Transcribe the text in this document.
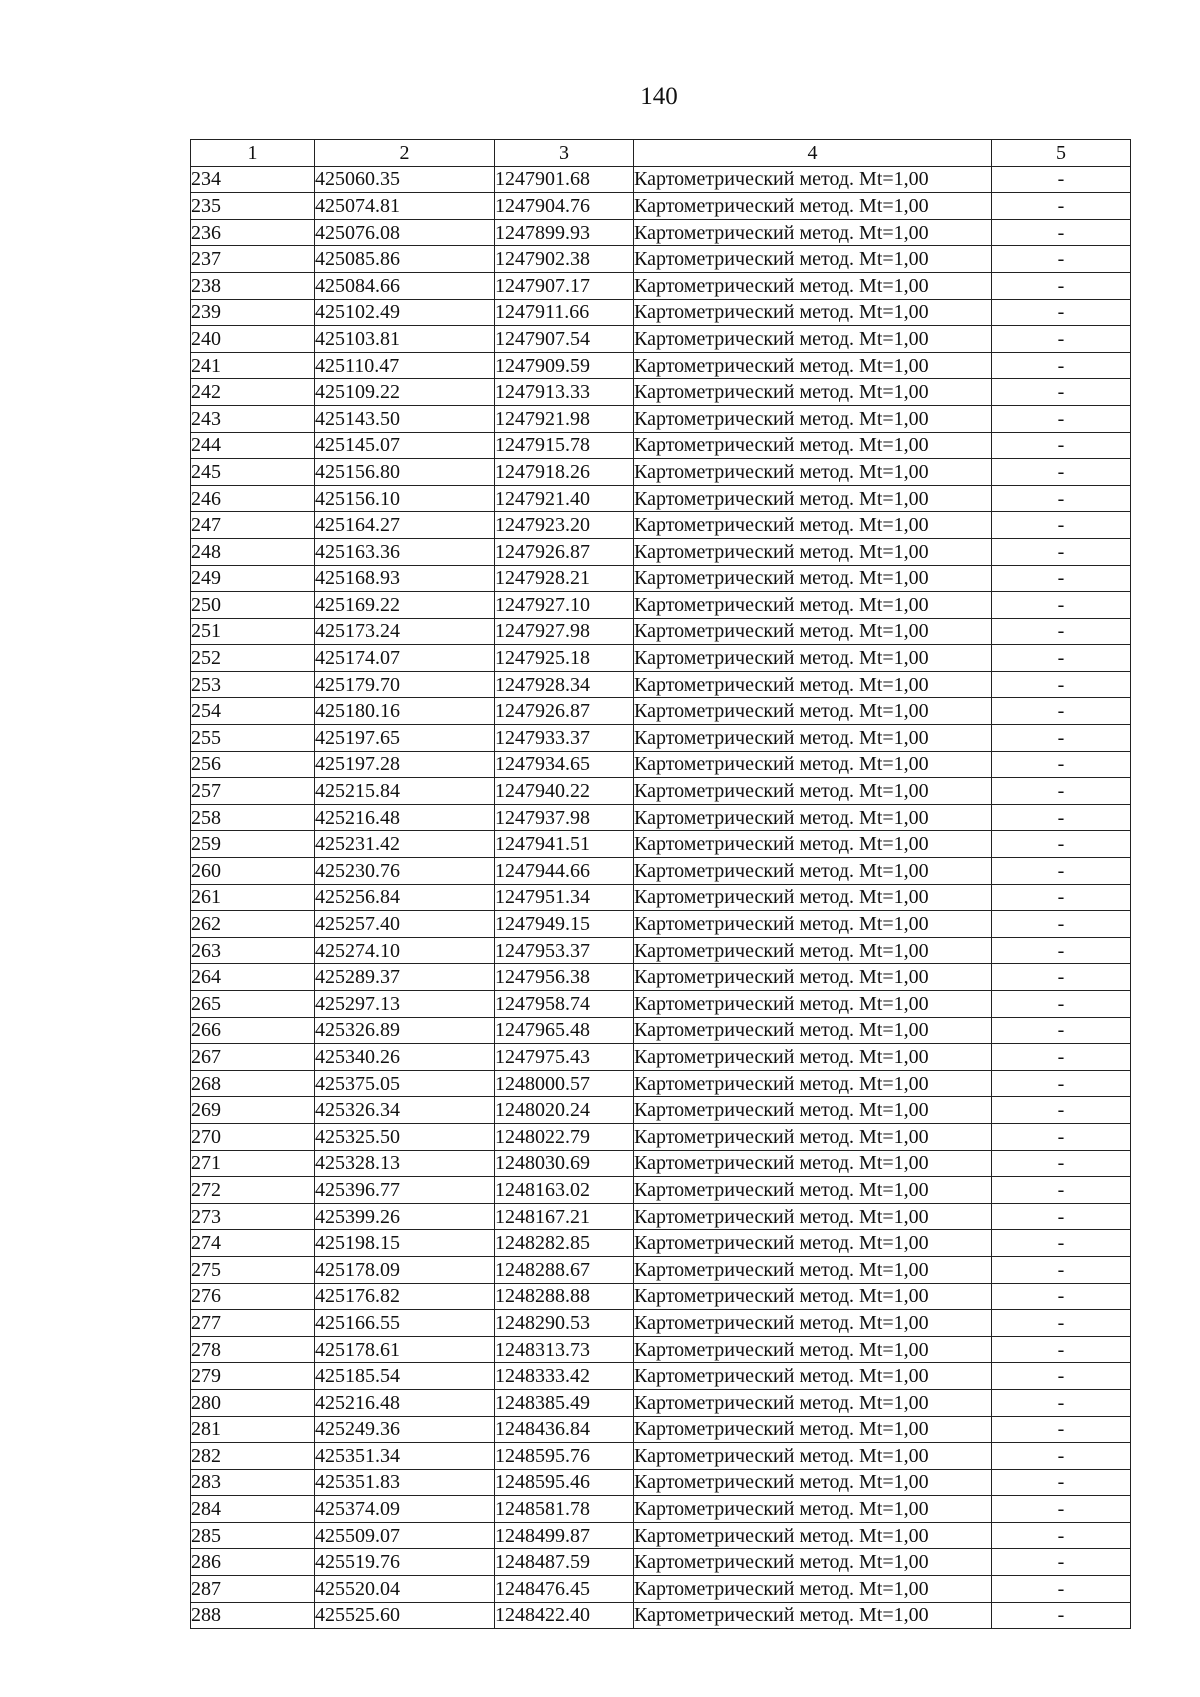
140
1	2	3	4	5
234	425060.35	1247901.68	Картометрический метод. Mt=1,00	-
235	425074.81	1247904.76	Картометрический метод. Mt=1,00	-
236	425076.08	1247899.93	Картометрический метод. Mt=1,00	-
237	425085.86	1247902.38	Картометрический метод. Mt=1,00	-
238	425084.66	1247907.17	Картометрический метод. Mt=1,00	-
239	425102.49	1247911.66	Картометрический метод. Mt=1,00	-
240	425103.81	1247907.54	Картометрический метод. Mt=1,00	-
241	425110.47	1247909.59	Картометрический метод. Mt=1,00	-
242	425109.22	1247913.33	Картометрический метод. Mt=1,00	-
243	425143.50	1247921.98	Картометрический метод. Mt=1,00	-
244	425145.07	1247915.78	Картометрический метод. Mt=1,00	-
245	425156.80	1247918.26	Картометрический метод. Mt=1,00	-
246	425156.10	1247921.40	Картометрический метод. Mt=1,00	-
247	425164.27	1247923.20	Картометрический метод. Mt=1,00	-
248	425163.36	1247926.87	Картометрический метод. Mt=1,00	-
249	425168.93	1247928.21	Картометрический метод. Mt=1,00	-
250	425169.22	1247927.10	Картометрический метод. Mt=1,00	-
251	425173.24	1247927.98	Картометрический метод. Mt=1,00	-
252	425174.07	1247925.18	Картометрический метод. Mt=1,00	-
253	425179.70	1247928.34	Картометрический метод. Mt=1,00	-
254	425180.16	1247926.87	Картометрический метод. Mt=1,00	-
255	425197.65	1247933.37	Картометрический метод. Mt=1,00	-
256	425197.28	1247934.65	Картометрический метод. Mt=1,00	-
257	425215.84	1247940.22	Картометрический метод. Mt=1,00	-
258	425216.48	1247937.98	Картометрический метод. Mt=1,00	-
259	425231.42	1247941.51	Картометрический метод. Mt=1,00	-
260	425230.76	1247944.66	Картометрический метод. Mt=1,00	-
261	425256.84	1247951.34	Картометрический метод. Mt=1,00	-
262	425257.40	1247949.15	Картометрический метод. Mt=1,00	-
263	425274.10	1247953.37	Картометрический метод. Mt=1,00	-
264	425289.37	1247956.38	Картометрический метод. Mt=1,00	-
265	425297.13	1247958.74	Картометрический метод. Mt=1,00	-
266	425326.89	1247965.48	Картометрический метод. Mt=1,00	-
267	425340.26	1247975.43	Картометрический метод. Mt=1,00	-
268	425375.05	1248000.57	Картометрический метод. Mt=1,00	-
269	425326.34	1248020.24	Картометрический метод. Mt=1,00	-
270	425325.50	1248022.79	Картометрический метод. Mt=1,00	-
271	425328.13	1248030.69	Картометрический метод. Mt=1,00	-
272	425396.77	1248163.02	Картометрический метод. Mt=1,00	-
273	425399.26	1248167.21	Картометрический метод. Mt=1,00	-
274	425198.15	1248282.85	Картометрический метод. Mt=1,00	-
275	425178.09	1248288.67	Картометрический метод. Mt=1,00	-
276	425176.82	1248288.88	Картометрический метод. Mt=1,00	-
277	425166.55	1248290.53	Картометрический метод. Mt=1,00	-
278	425178.61	1248313.73	Картометрический метод. Mt=1,00	-
279	425185.54	1248333.42	Картометрический метод. Mt=1,00	-
280	425216.48	1248385.49	Картометрический метод. Mt=1,00	-
281	425249.36	1248436.84	Картометрический метод. Mt=1,00	-
282	425351.34	1248595.76	Картометрический метод. Mt=1,00	-
283	425351.83	1248595.46	Картометрический метод. Mt=1,00	-
284	425374.09	1248581.78	Картометрический метод. Mt=1,00	-
285	425509.07	1248499.87	Картометрический метод. Mt=1,00	-
286	425519.76	1248487.59	Картометрический метод. Mt=1,00	-
287	425520.04	1248476.45	Картометрический метод. Mt=1,00	-
288	425525.60	1248422.40	Картометрический метод. Mt=1,00	-
